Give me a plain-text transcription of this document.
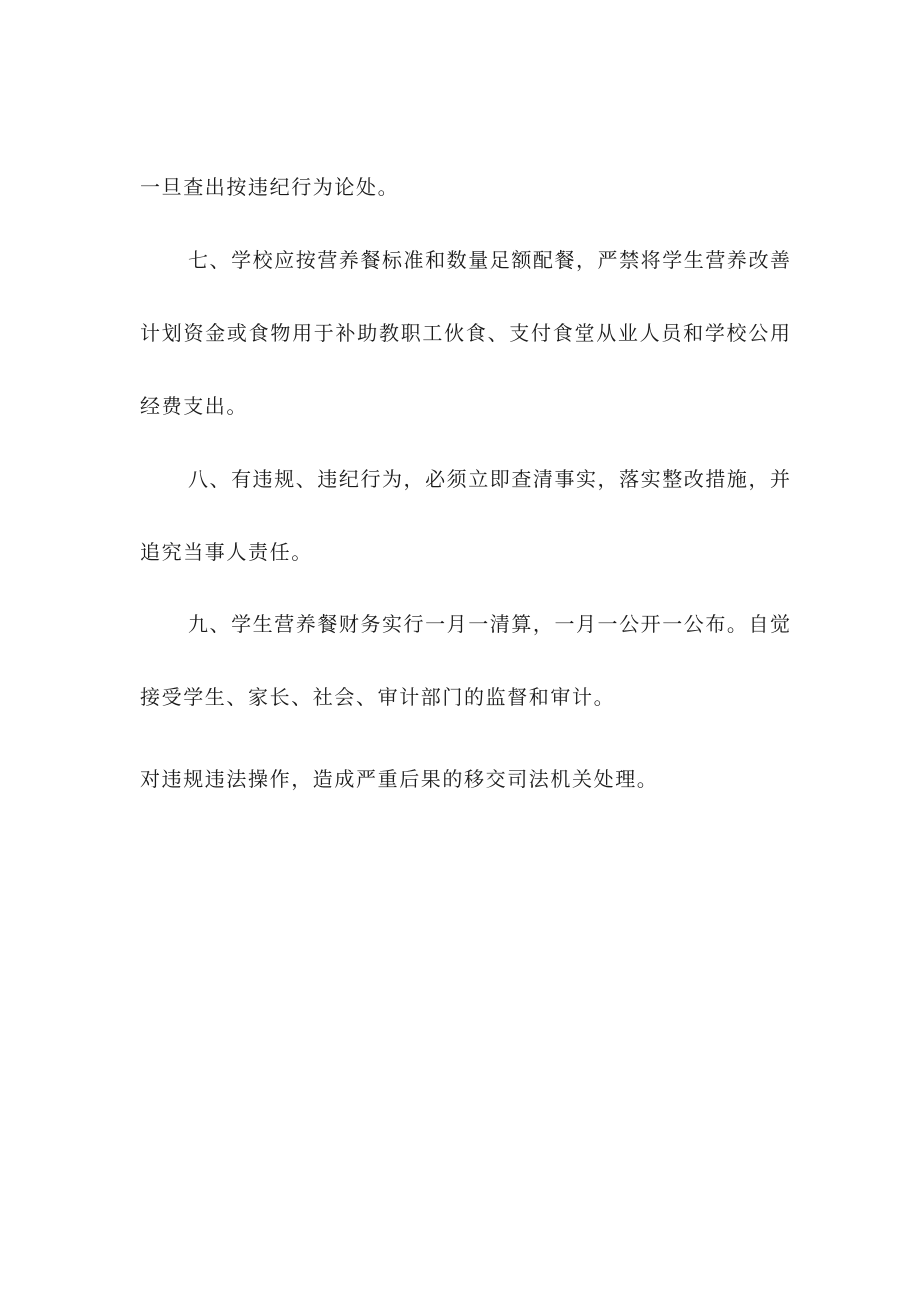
一旦查出按违纪行为论处。
七、学校应按营养餐标准和数量足额配餐，严禁将学生营养改善
计划资金或食物用于补助教职工伙食、支付食堂从业人员和学校公用
经费支出。
八、有违规、违纪行为，必须立即查清事实，落实整改措施，并
追究当事人责任。
九、学生营养餐财务实行一月一清算，一月一公开一公布。自觉
接受学生、家长、社会、审计部门的监督和审计。
对违规违法操作，造成严重后果的移交司法机关处理。
